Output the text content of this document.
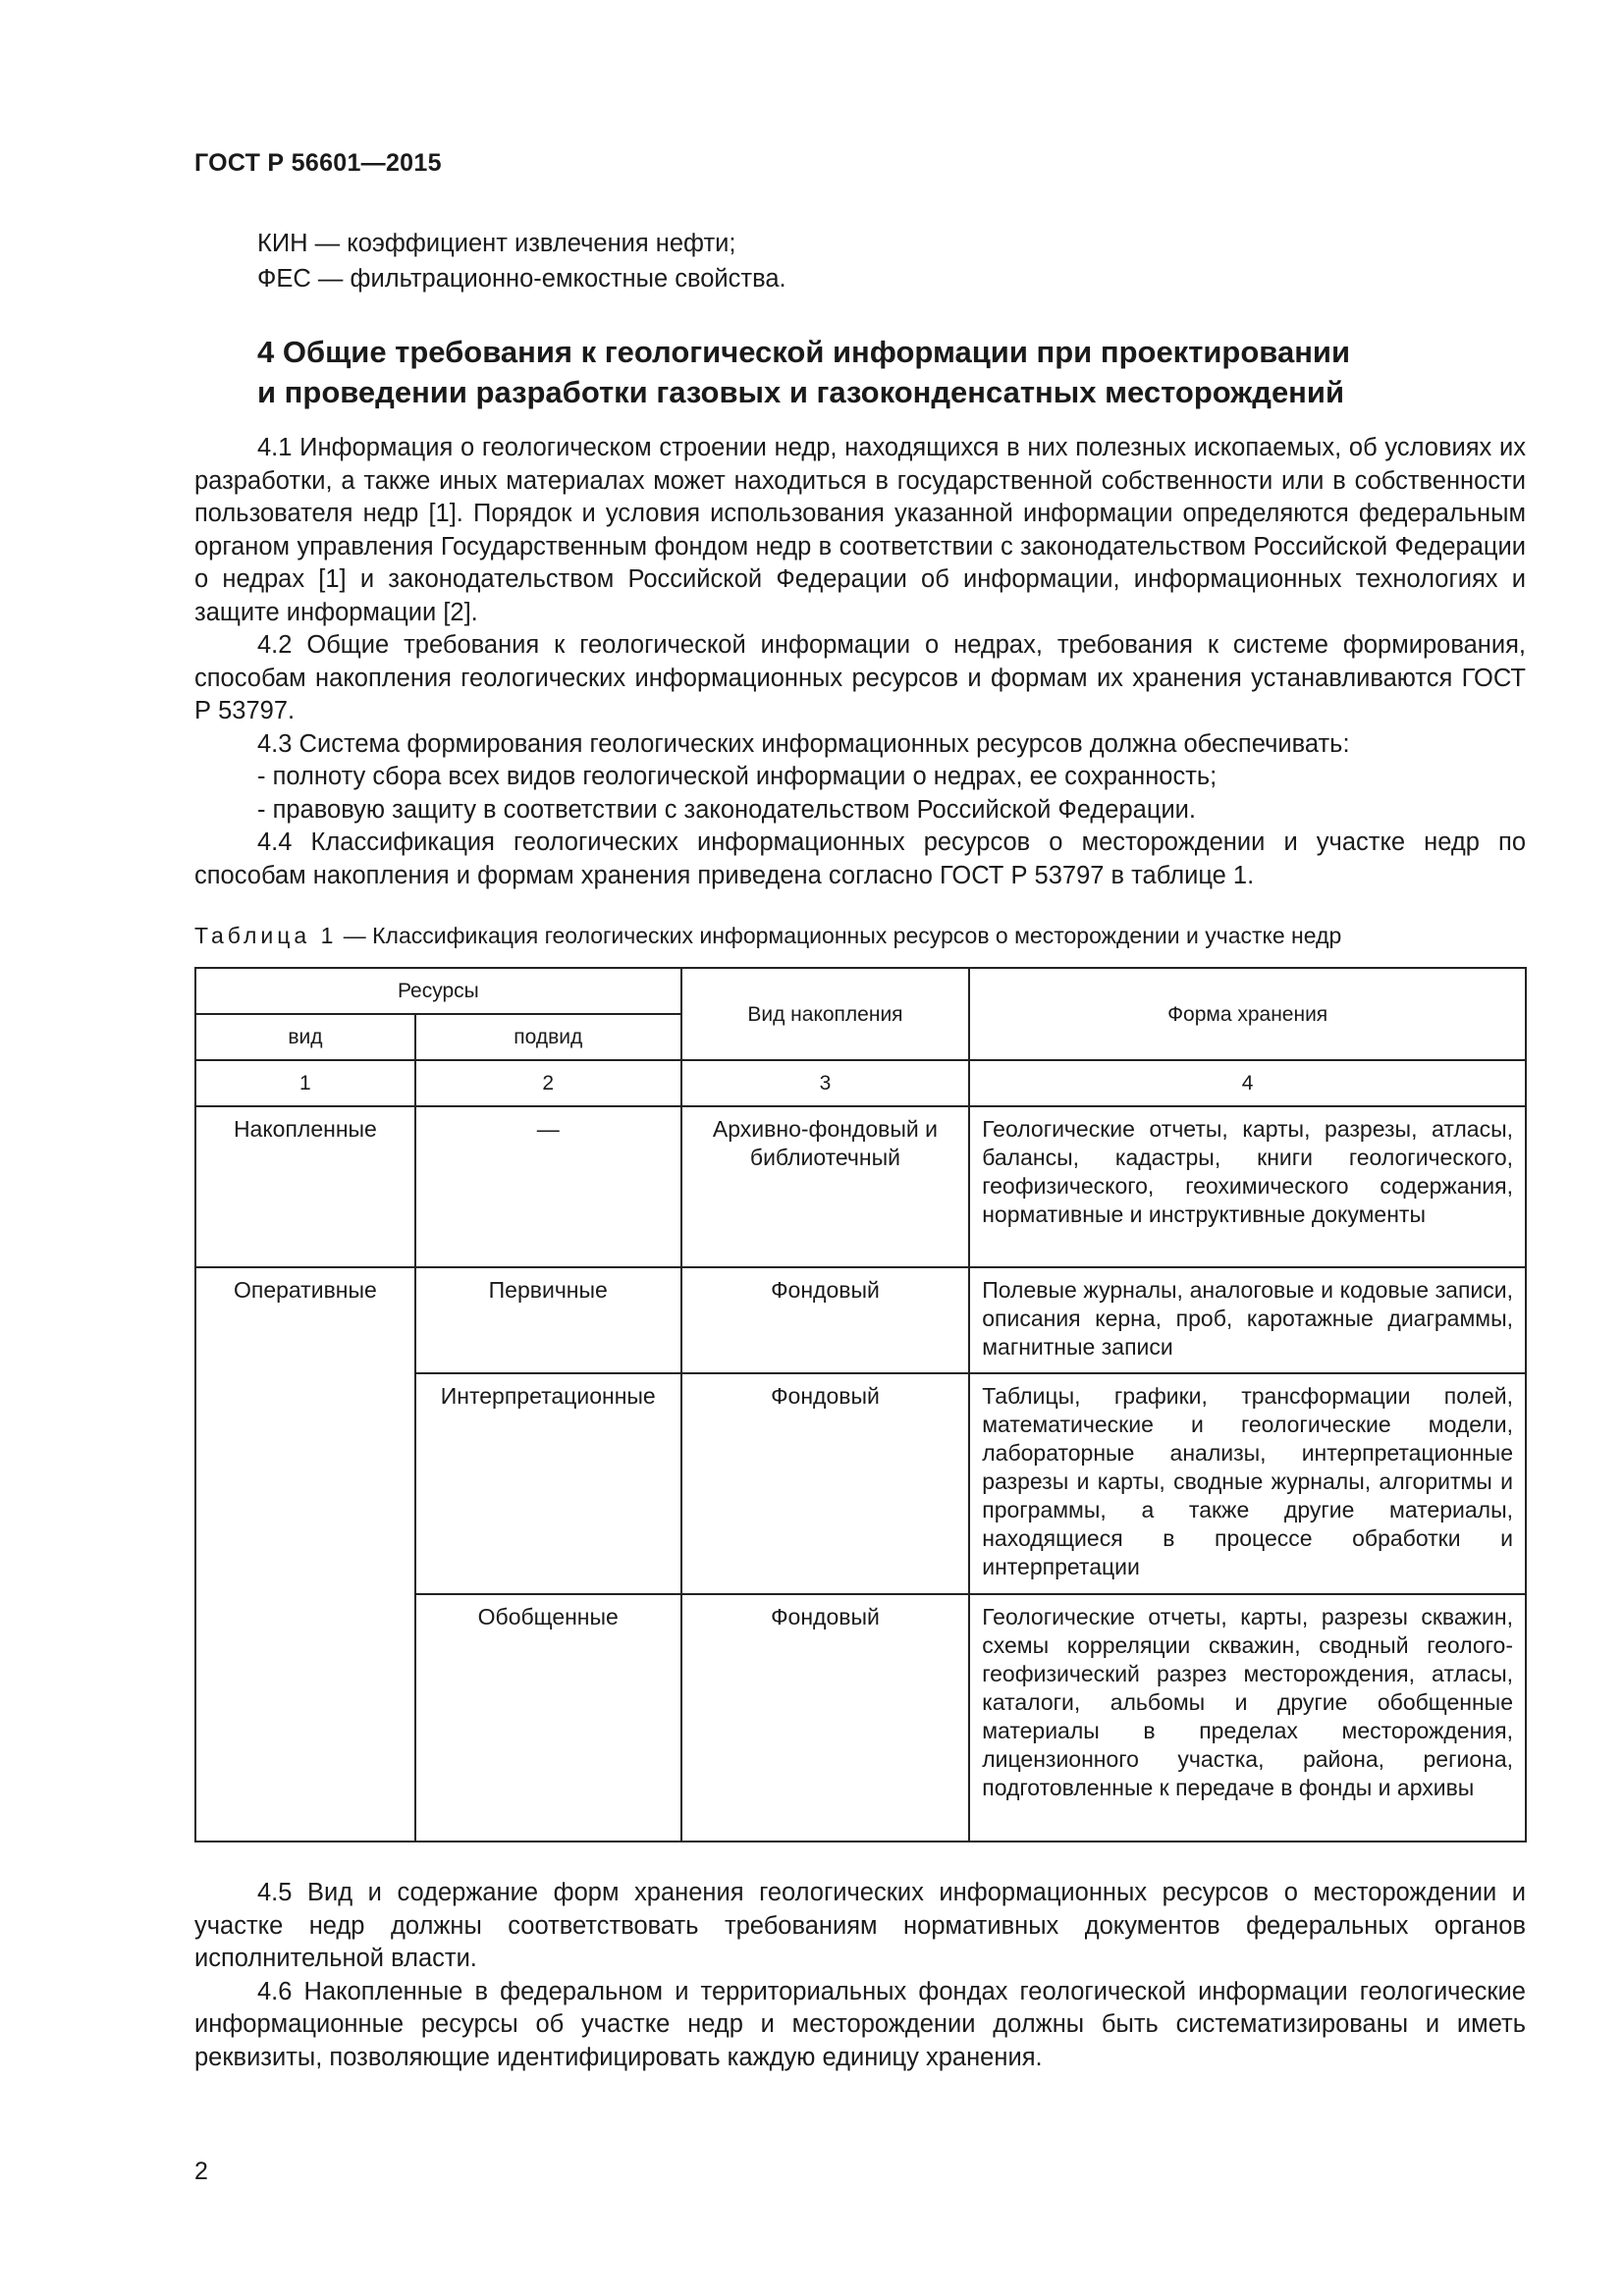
ГОСТ Р 56601—2015
КИН — коэффициент извлечения нефти;
ФЕС — фильтрационно-емкостные свойства.
4 Общие требования к геологической информации при проектировании
и проведении разработки газовых и газоконденсатных месторождений

4.1 Информация о геологическом строении недр, находящихся в них полезных ископаемых, об условиях их разработки, а также иных материалах может находиться в государственной собственности или в собственности пользователя недр [1]. Порядок и условия использования указанной информации определяются федеральным органом управления Государственным фондом недр в соответствии с законодательством Российской Федерации о недрах [1] и законодательством Российской Федерации об информации, информационных технологиях и защите информации [2].

4.2 Общие требования к геологической информации о недрах, требования к системе формирования, способам накопления геологических информационных ресурсов и формам их хранения устанавливаются ГОСТ Р 53797.

4.3 Система формирования геологических информационных ресурсов должна обеспечивать:

- полноту сбора всех видов геологической информации о недрах, ее сохранность;

- правовую защиту в соответствии с законодательством Российской Федерации.

4.4 Классификация геологических информационных ресурсов о месторождении и участке недр по способам накопления и формам хранения приведена согласно ГОСТ Р 53797 в таблице 1.

Таблица 1 — Классификация геологических информационных ресурсов о месторождении и участке недр
Ресурсы		Вид накопления	Форма хранения
вид	подвид		
1	2	3	4
Накопленные	—	Архивно-фондовый и библиотечный	Геологические отчеты, карты, разрезы, атласы, балансы, кадастры, книги геологического, геофизического, геохимического содержания, нормативные и инструктивные документы
Оперативные	Первичные	Фондовый	Полевые журналы, аналоговые и кодовые записи, описания керна, проб, каротажные диаграммы, магнитные записи
	Интерпретационные	Фондовый	Таблицы, графики, трансформации полей, математические и геологические модели, лабораторные анализы, интерпретационные разрезы и карты, сводные журналы, алгоритмы и программы, а также другие материалы, находящиеся в процессе обработки и интерпретации
	Обобщенные	Фондовый	Геологические отчеты, карты, разрезы скважин, схемы корреляции скважин, сводный геолого-геофизический разрез месторождения, атласы, каталоги, альбомы и другие обобщенные материалы в пределах месторождения, лицензионного участка, района, региона, подготовленные к передаче в фонды и архивы

4.5 Вид и содержание форм хранения геологических информационных ресурсов о месторождении и участке недр должны соответствовать требованиям нормативных документов федеральных органов исполнительной власти.

4.6 Накопленные в федеральном и территориальных фондах геологической информации геологические информационные ресурсы об участке недр и месторождении должны быть систематизированы и иметь реквизиты, позволяющие идентифицировать каждую единицу хранения.

2
